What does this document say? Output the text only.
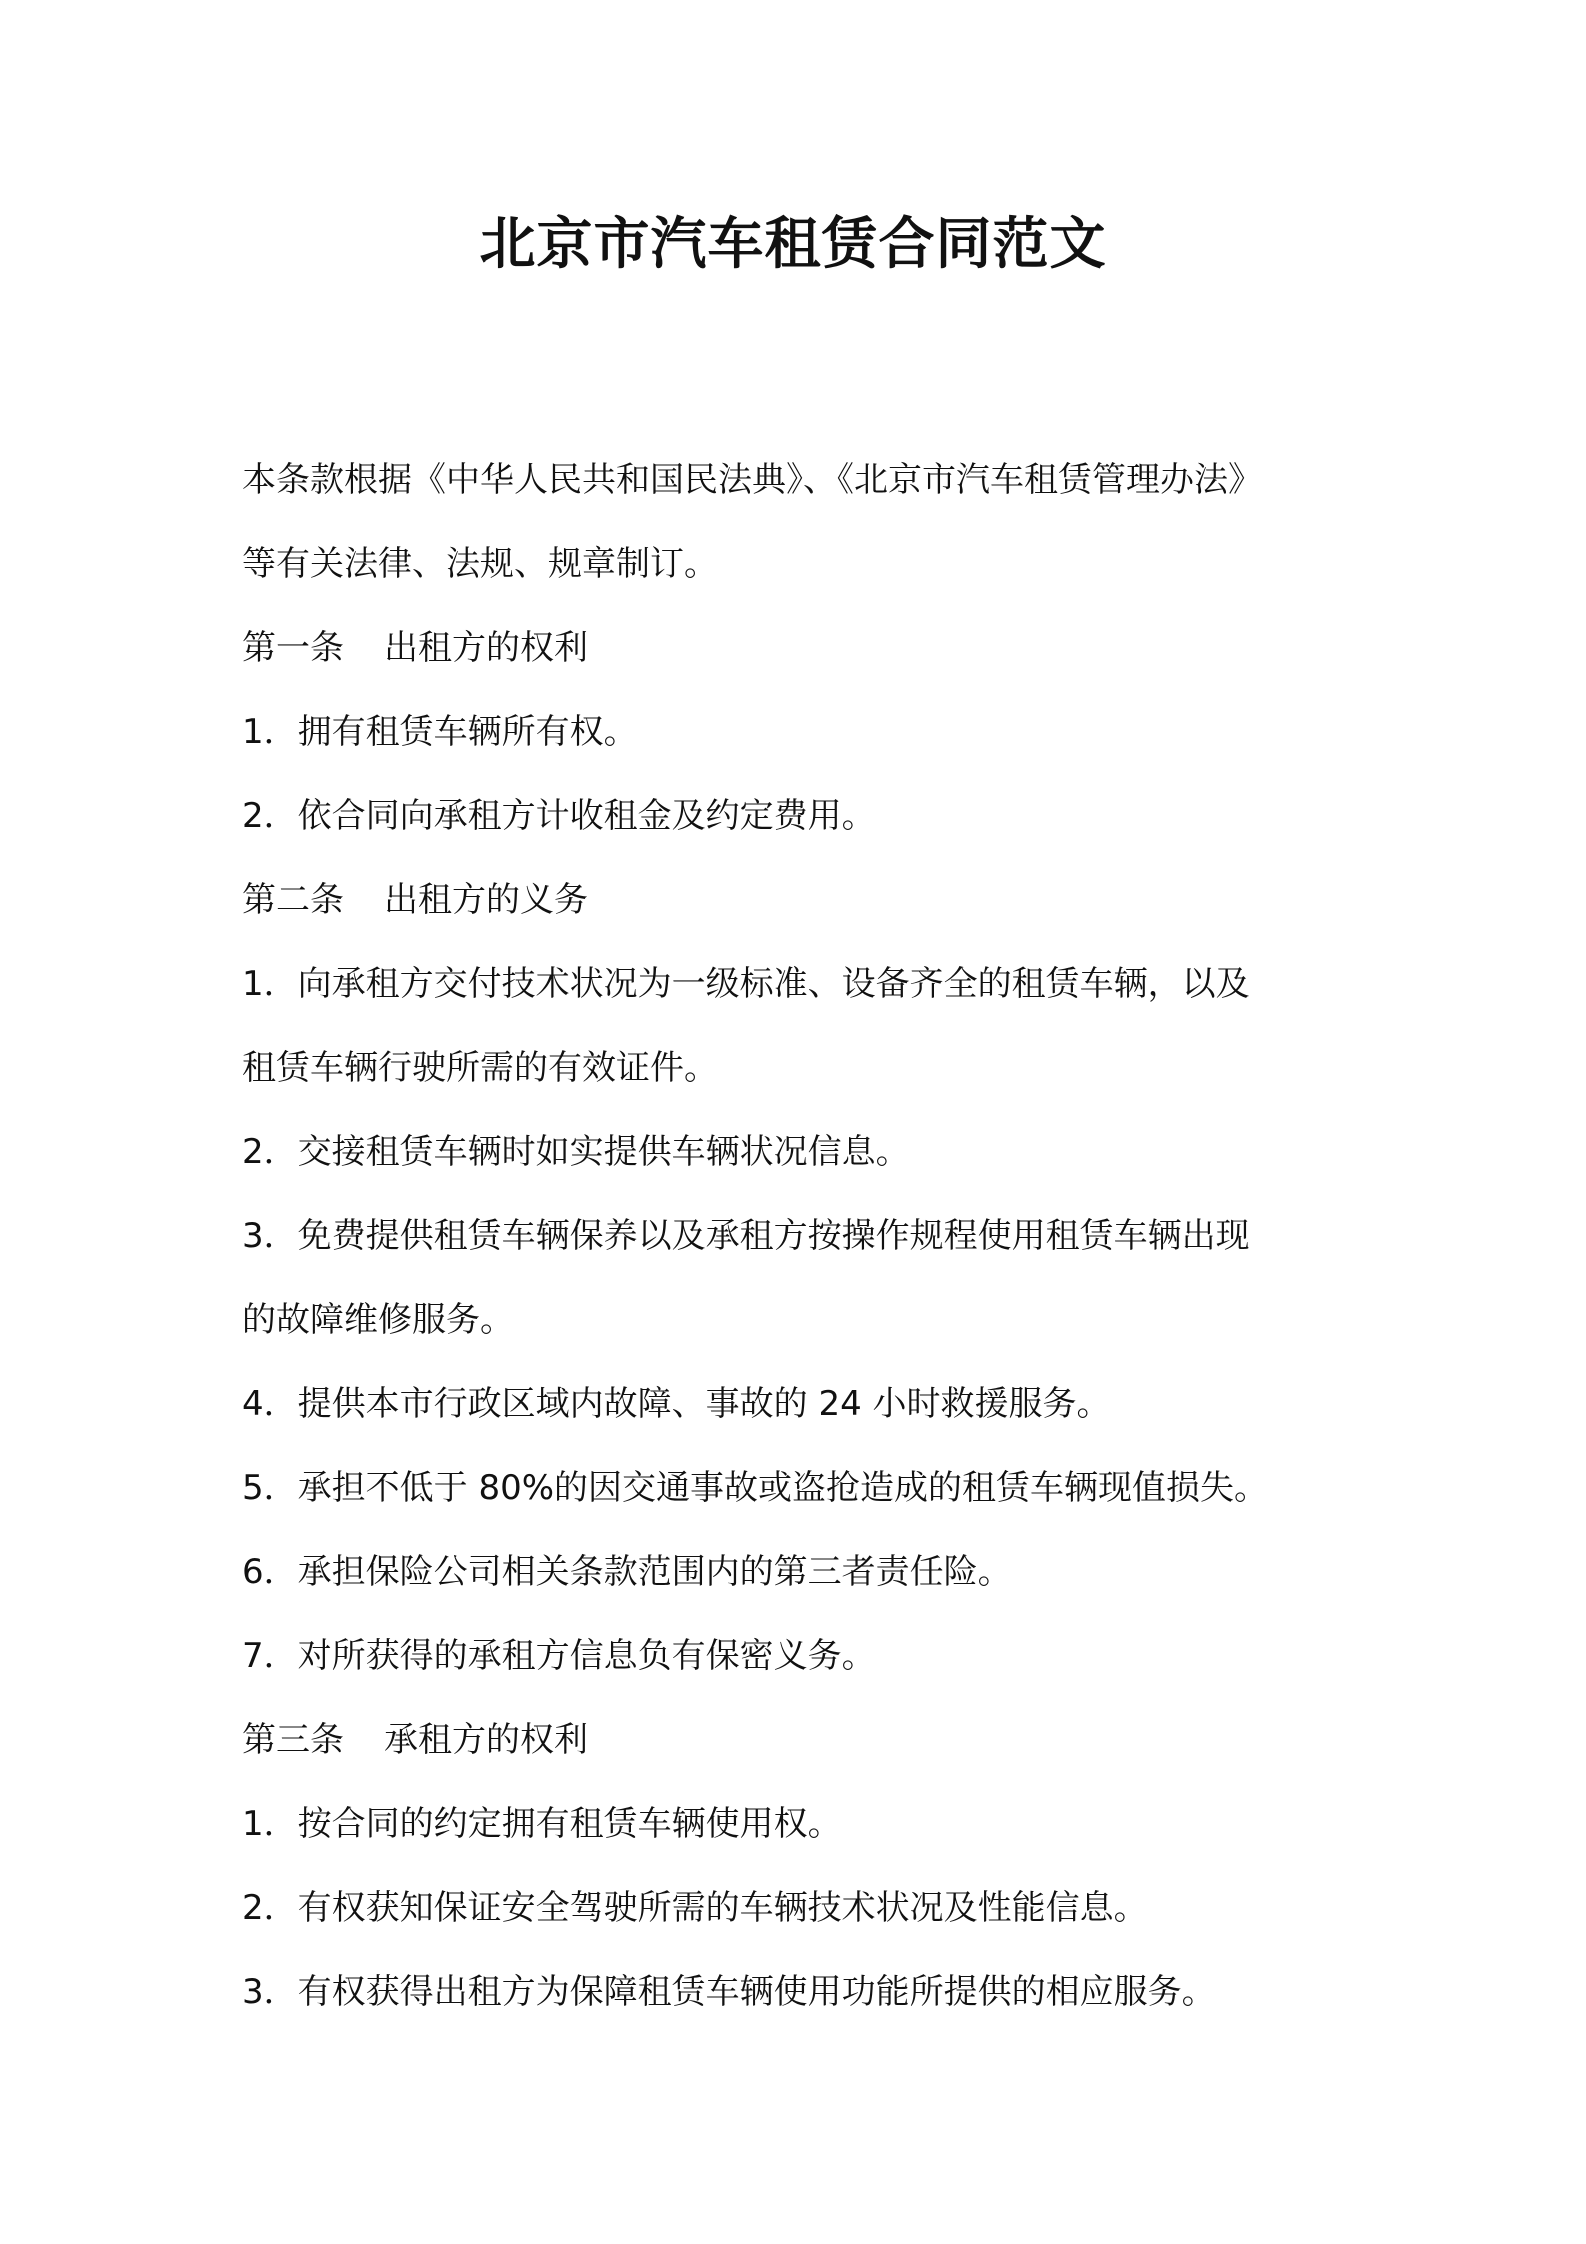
北京市汽车租赁合同范文

本条款根据《中华人民共和国民法典》、《北京市汽车租赁管理办法》

等有关法律、法规、规章制订。

第一条 出租方的权利

1．拥有租赁车辆所有权。

2．依合同向承租方计收租金及约定费用。

第二条 出租方的义务

1．向承租方交付技术状况为一级标准、设备齐全的租赁车辆，以及

租赁车辆行驶所需的有效证件。

2．交接租赁车辆时如实提供车辆状况信息。

3．免费提供租赁车辆保养以及承租方按操作规程使用租赁车辆出现

的故障维修服务。

4．提供本市行政区域内故障、事故的 24 小时救援服务。

5．承担不低于 80%的因交通事故或盗抢造成的租赁车辆现值损失。

6．承担保险公司相关条款范围内的第三者责任险。

7．对所获得的承租方信息负有保密义务。

第三条 承租方的权利

1．按合同的约定拥有租赁车辆使用权。

2．有权获知保证安全驾驶所需的车辆技术状况及性能信息。

3．有权获得出租方为保障租赁车辆使用功能所提供的相应服务。
